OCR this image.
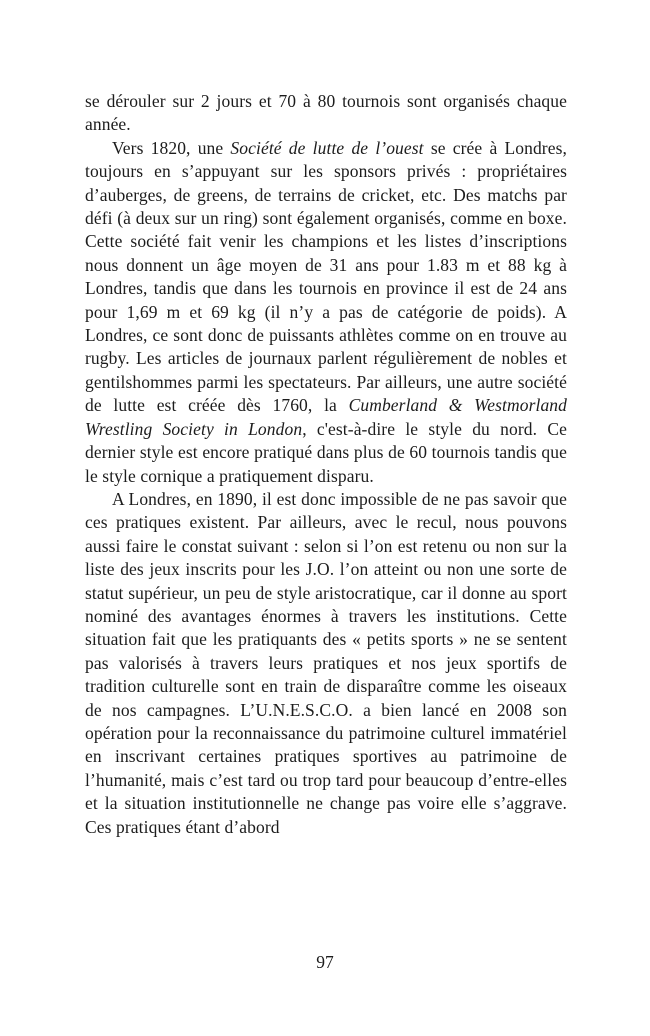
se dérouler sur 2 jours et 70 à 80 tournois sont organisés chaque année.

Vers 1820, une Société de lutte de l’ouest se crée à Londres, toujours en s’appuyant sur les sponsors privés : propriétaires d’auberges, de greens, de terrains de cricket, etc. Des matchs par défi (à deux sur un ring) sont également organisés, comme en boxe. Cette société fait venir les champions et les listes d’inscriptions nous donnent un âge moyen de 31 ans pour 1.83 m et 88 kg à Londres, tandis que dans les tournois en province il est de 24 ans pour 1,69 m et 69 kg (il n’y a pas de catégorie de poids). A Londres, ce sont donc de puissants athlètes comme on en trouve au rugby. Les articles de journaux parlent régulièrement de nobles et gentilshommes parmi les spectateurs. Par ailleurs, une autre société de lutte est créée dès 1760, la Cumberland & Westmorland Wrestling Society in London, c'est-à-dire le style du nord. Ce dernier style est encore pratiqué dans plus de 60 tournois tandis que le style cornique a pratiquement disparu.

A Londres, en 1890, il est donc impossible de ne pas savoir que ces pratiques existent. Par ailleurs, avec le recul, nous pouvons aussi faire le constat suivant : selon si l’on est retenu ou non sur la liste des jeux inscrits pour les J.O. l’on atteint ou non une sorte de statut supérieur, un peu de style aristocratique, car il donne au sport nominé des avantages énormes à travers les institutions. Cette situation fait que les pratiquants des « petits sports » ne se sentent pas valorisés à travers leurs pratiques et nos jeux sportifs de tradition culturelle sont en train de disparaître comme les oiseaux de nos campagnes. L’U.N.E.S.C.O. a bien lancé en 2008 son opération pour la reconnaissance du patrimoine culturel immatériel en inscrivant certaines pratiques sportives au patrimoine de l’humanité, mais c’est tard ou trop tard pour beaucoup d’entre-elles et la situation institutionnelle ne change pas voire elle s’aggrave. Ces pratiques étant d’abord

97
